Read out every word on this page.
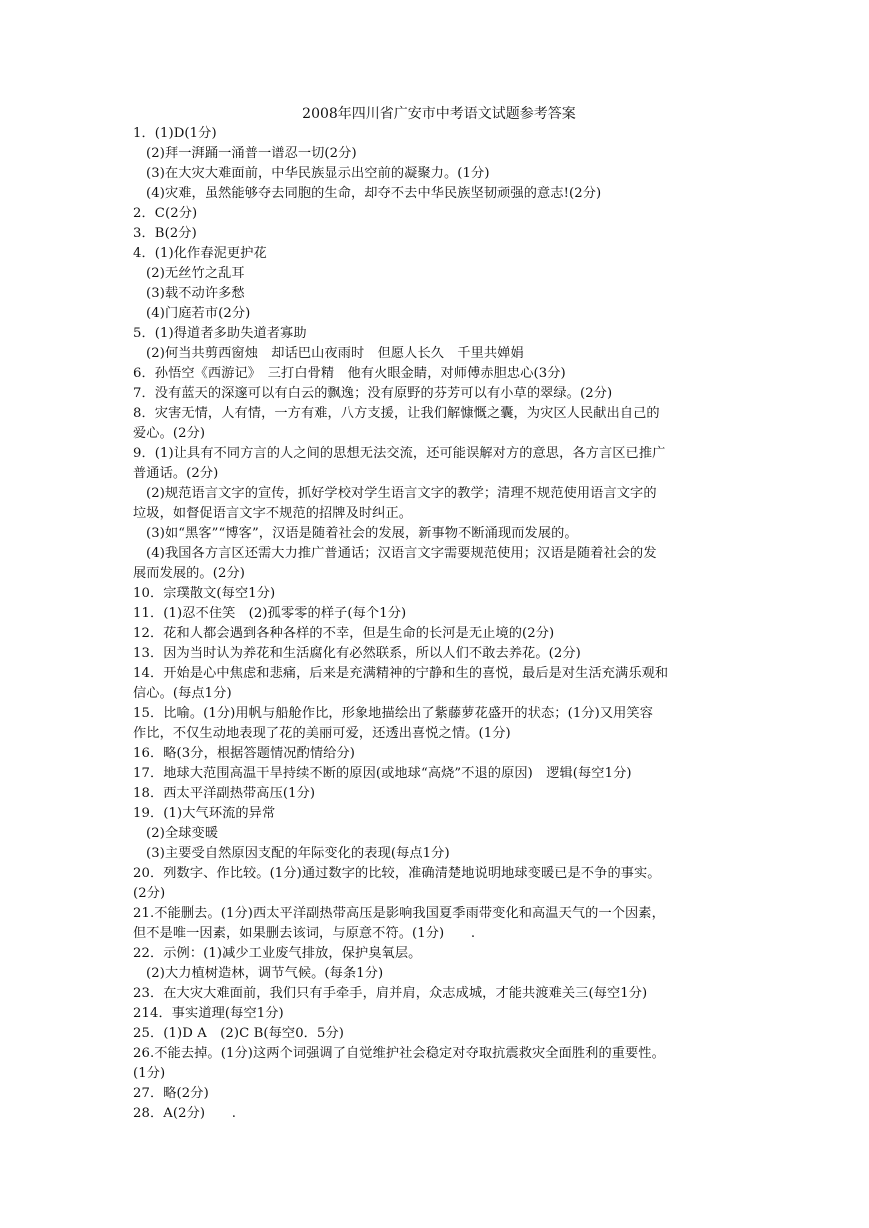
2008年四川省广安市中考语文试题参考答案
1．(1)D(1分)
(2)拜一湃踊一涌普一谱忍一切(2分)
(3)在大灾大难面前，中华民族显示出空前的凝聚力。(1分)
(4)灾难，虽然能够夺去同胞的生命，却夺不去中华民族坚韧顽强的意志!(2分)
2．C(2分)
3．B(2分)
4．(1)化作春泥更护花
(2)无丝竹之乱耳
(3)载不动许多愁
(4)门庭若市(2分)
5．(1)得道者多助失道者寡助
(2)何当共剪西窗烛　却话巴山夜雨时　但愿人长久　千里共婵娟
6．孙悟空《西游记》　三打白骨精　他有火眼金睛，对师傅赤胆忠心(3分)
7．没有蓝天的深邃可以有白云的飘逸；没有原野的芬芳可以有小草的翠绿。(2分)
8．灾害无情，人有情，一方有难，八方支援，让我们解慷慨之囊，为灾区人民献出自己的
爱心。(2分)
9．(1)让具有不同方言的人之间的思想无法交流，还可能误解对方的意思，各方言区已推广
普通话。(2分)
(2)规范语言文字的宣传，抓好学校对学生语言文字的教学；清理不规范使用语言文字的
垃圾，如督促语言文字不规范的招牌及时纠正。
(3)如“黑客”“博客”，汉语是随着社会的发展，新事物不断涌现而发展的。
(4)我国各方言区还需大力推广普通话；汉语言文字需要规范使用；汉语是随着社会的发
展而发展的。(2分)
10．宗璞散文(每空1分)
11．(1)忍不住笑　(2)孤零零的样子(每个1分)
12．花和人都会遇到各种各样的不幸，但是生命的长河是无止境的(2分)
13．因为当时认为养花和生活腐化有必然联系，所以人们不敢去养花。(2分)
14．开始是心中焦虑和悲痛，后来是充满精神的宁静和生的喜悦，最后是对生活充满乐观和
信心。(每点1分)
15．比喻。(1分)用帆与船舱作比，形象地描绘出了紫藤萝花盛开的状态；(1分)又用笑容
作比，不仅生动地表现了花的美丽可爱，还透出喜悦之情。(1分)
16．略(3分，根据答题情况酌情给分)
17．地球大范围高温干旱持续不断的原因(或地球“高烧”不退的原因)　逻辑(每空1分)
18．西太平洋副热带高压(1分)
19．(1)大气环流的异常
(2)全球变暖
(3)主要受自然原因支配的年际变化的表现(每点1分)
20．列数字、作比较。(1分)通过数字的比较，准确清楚地说明地球变暖已是不争的事实。
(2分)
21.不能删去。(1分)西太平洋副热带高压是影响我国夏季雨带变化和高温天气的一个因素，
但不是唯一因素，如果删去该词，与原意不符。(1分)　　.
22．示例：(1)减少工业废气排放，保护臭氧层。
(2)大力植树造林，调节气候。(每条1分)
23．在大灾大难面前，我们只有手牵手，肩并肩，众志成城，才能共渡难关三(每空1分)
214．事实道理(每空1分)
25．(1)D A　(2)C B(每空0．5分)
26.不能去掉。(1分)这两个词强调了自觉维护社会稳定对夺取抗震救灾全面胜利的重要性。
(1分)
27．略(2分)
28．A(2分)　　.
